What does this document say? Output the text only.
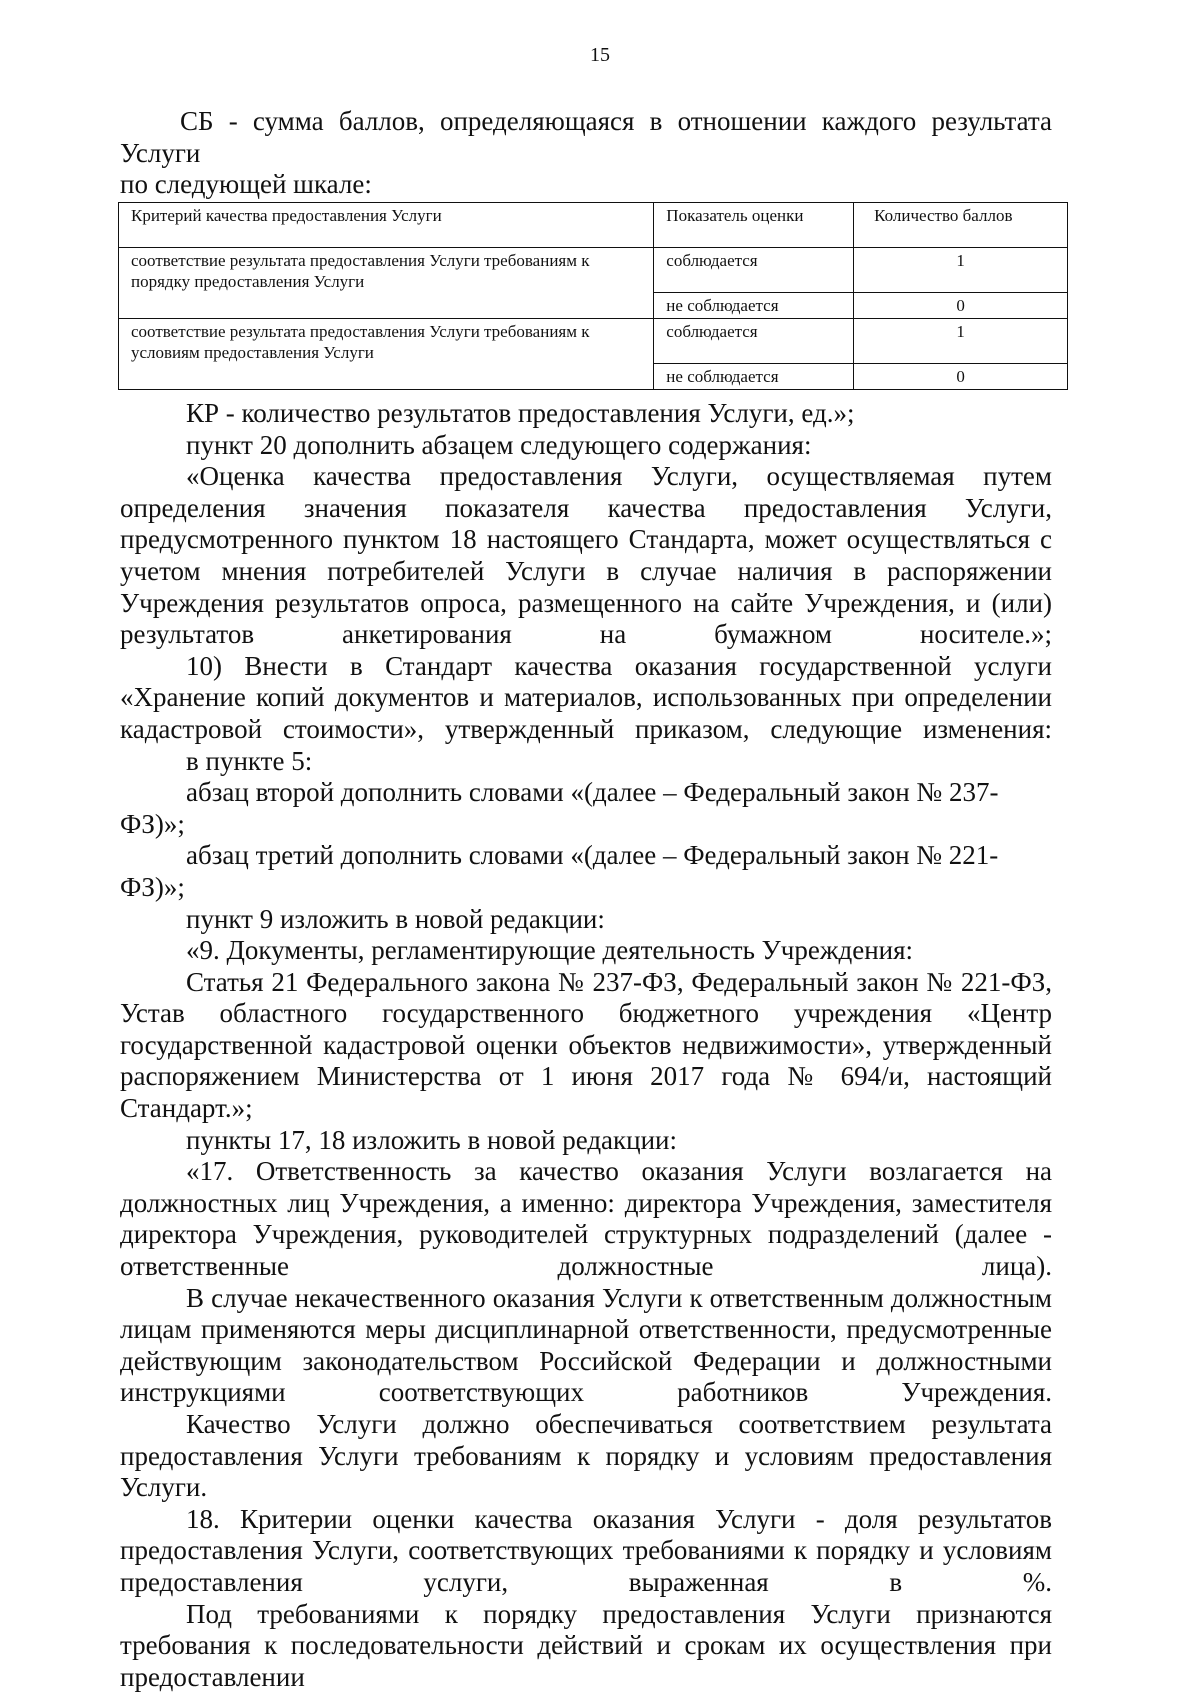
15

СБ - сумма баллов, определяющаяся в отношении каждого результата Услуги

по следующей шкале:

Критерий качества предоставления Услуги	Показатель оценки	Количество баллов
соответствие результата предоставления Услуги требованиям к порядку предоставления Услуги	соблюдается	1
	не соблюдается	0
соответствие результата предоставления Услуги требованиям к условиям предоставления Услуги	соблюдается	1
	не соблюдается	0

КР - количество результатов предоставления Услуги, ед.»;

пункт 20 дополнить абзацем следующего содержания:

«Оценка качества предоставления Услуги, осуществляемая путем определения значения показателя качества предоставления Услуги, предусмотренного пунктом 18 настоящего Стандарта, может осуществляться с учетом мнения потребителей Услуги в случае наличия в распоряжении Учреждения результатов опроса, размещенного на сайте Учреждения, и (или) результатов анкетирования на бумажном носителе.»;

10) Внести в Стандарт качества оказания государственной услуги «Хранение копий документов и материалов, использованных при определении кадастровой стоимости», утвержденный приказом, следующие изменения:

в пункте 5:

абзац второй дополнить словами «(далее – Федеральный закон № 237-ФЗ)»;

абзац третий дополнить словами «(далее – Федеральный закон № 221-ФЗ)»;

пункт 9 изложить в новой редакции:

«9. Документы, регламентирующие деятельность Учреждения:

Статья 21 Федерального закона № 237-ФЗ, Федеральный закон № 221-ФЗ, Устав областного государственного бюджетного учреждения «Центр государственной кадастровой оценки объектов недвижимости», утвержденный распоряжением Министерства от 1 июня 2017 года № 694/и, настоящий Стандарт.»;

пункты 17, 18 изложить в новой редакции:

«17. Ответственность за качество оказания Услуги возлагается на должностных лиц Учреждения, а именно: директора Учреждения, заместителя директора Учреждения, руководителей структурных подразделений (далее - ответственные должностные лица).

В случае некачественного оказания Услуги к ответственным должностным лицам применяются меры дисциплинарной ответственности, предусмотренные действующим законодательством Российской Федерации и должностными инструкциями соответствующих работников Учреждения.

Качество Услуги должно обеспечиваться соответствием результата предоставления Услуги требованиям к порядку и условиям предоставления Услуги.

18. Критерии оценки качества оказания Услуги - доля результатов предоставления Услуги, соответствующих требованиями к порядку и условиям предоставления услуги, выраженная в %.

Под требованиями к порядку предоставления Услуги признаются требования к последовательности действий и срокам их осуществления при предоставлении
